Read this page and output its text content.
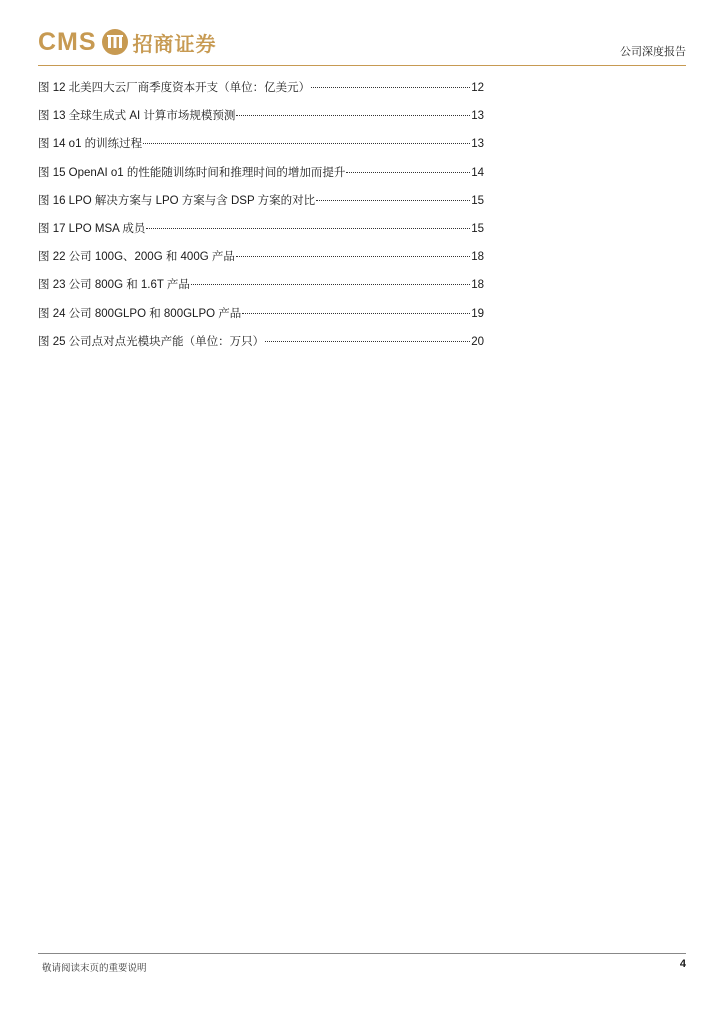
CMS 招商证券	公司深度报告
图 12 北美四大云厂商季度资本开支（单位：亿美元）	12
图 13 全球生成式 AI 计算市场规模预测	13
图 14 o1 的训练过程	13
图 15 OpenAI o1 的性能随训练时间和推理时间的增加而提升	14
图 16 LPO 解决方案与 LPO 方案与含 DSP 方案的对比	15
图 17 LPO MSA 成员	15
图 22 公司 100G、200G 和 400G 产品	18
图 23 公司 800G 和 1.6T 产品	18
图 24 公司 800GLPO 和 800GLPO 产品	19
图 25 公司点对点光模块产能（单位：万只）	20
敬请阅读末页的重要说明	4
